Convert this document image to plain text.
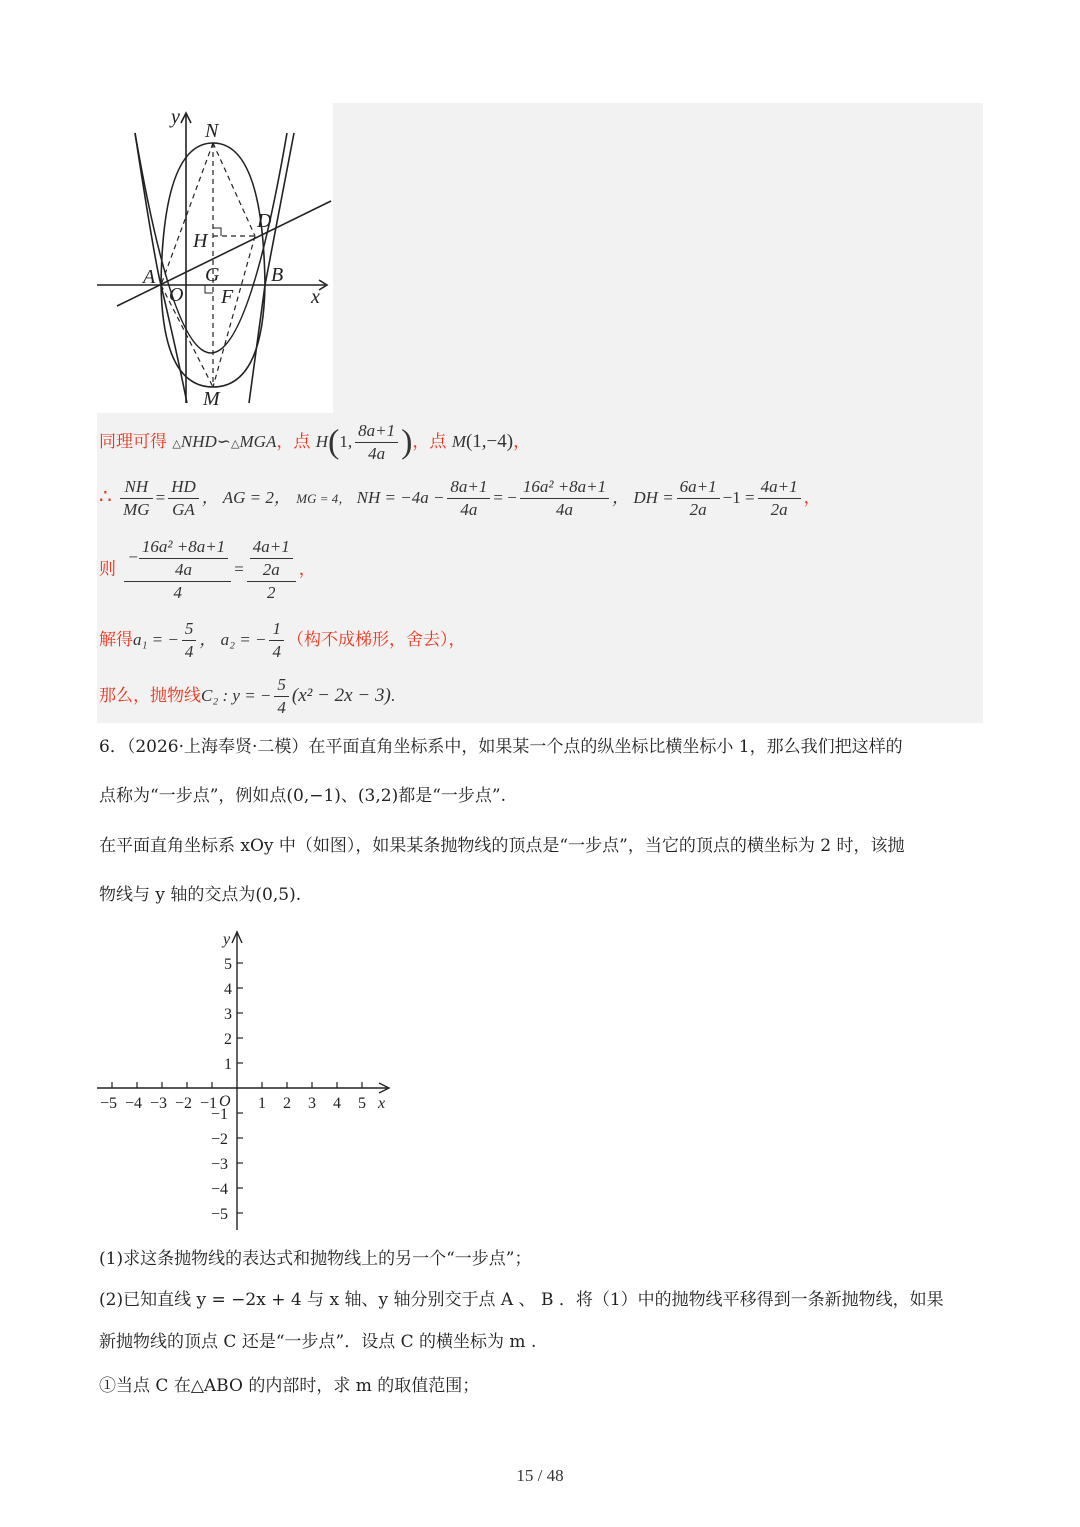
y
N
D
H
A G	B
O F	x
M
同理可得 △NHD∽△MGA，点 H(1, $\frac{8a+1}{4a}$ )，点 M(1,−4)，
∴ $\frac{NH}{MG} = \frac{HD}{GA}$ ， AG = 2， MG = 4， NH = $-4a - \frac{8a+1}{4a}$ = − $\frac{\text{16a² +8a+1}}{4a}$ ， DH = $\frac{6a+1}{2a} -1 = \frac{4a+1}{2a}$ ，
则 $\frac{- \frac{\text{16a² +8a+1}}{4a}}{4} = \frac{\frac{4a+1}{2a}}{2}$ ，
解得a₁ = − $\frac{5}{4}$ ， a₂ = − $\frac{1}{4}$ （构不成梯形，舍去），
那么，抛物线C₂ : y = − $\frac{5}{4} (x^2 - 2x - 3)$.
6．（2026·上海奉贤·二模）在平面直角坐标系中，如果某一个点的纵坐标比横坐标小 1，那么我们把这样的
点称为“一步点”，例如点(0,−1)、(3,2)都是“一步点”.
在平面直角坐标系 xOy 中（如图），如果某条抛物线的顶点是“一步点”，当它的顶点的横坐标为 2 时，该抛
物线与 y 轴的交点为(0,5).
−5 −4 −3 −2 −1	1 2 3 4 5
5
4
3
2
1
−1
−2
−3
−4
−5
y
x
O
(1)求这条抛物线的表达式和抛物线上的另一个“一步点”；
(2)已知直线 y = −2x + 4 与 x 轴、y 轴分别交于点 A 、 B ．将（1）中的抛物线平移得到一条新抛物线，如果
新抛物线的顶点 C 还是“一步点”．设点 C 的横坐标为 m .
①当点 C 在△ABO 的内部时，求 m 的取值范围；
15 / 48
